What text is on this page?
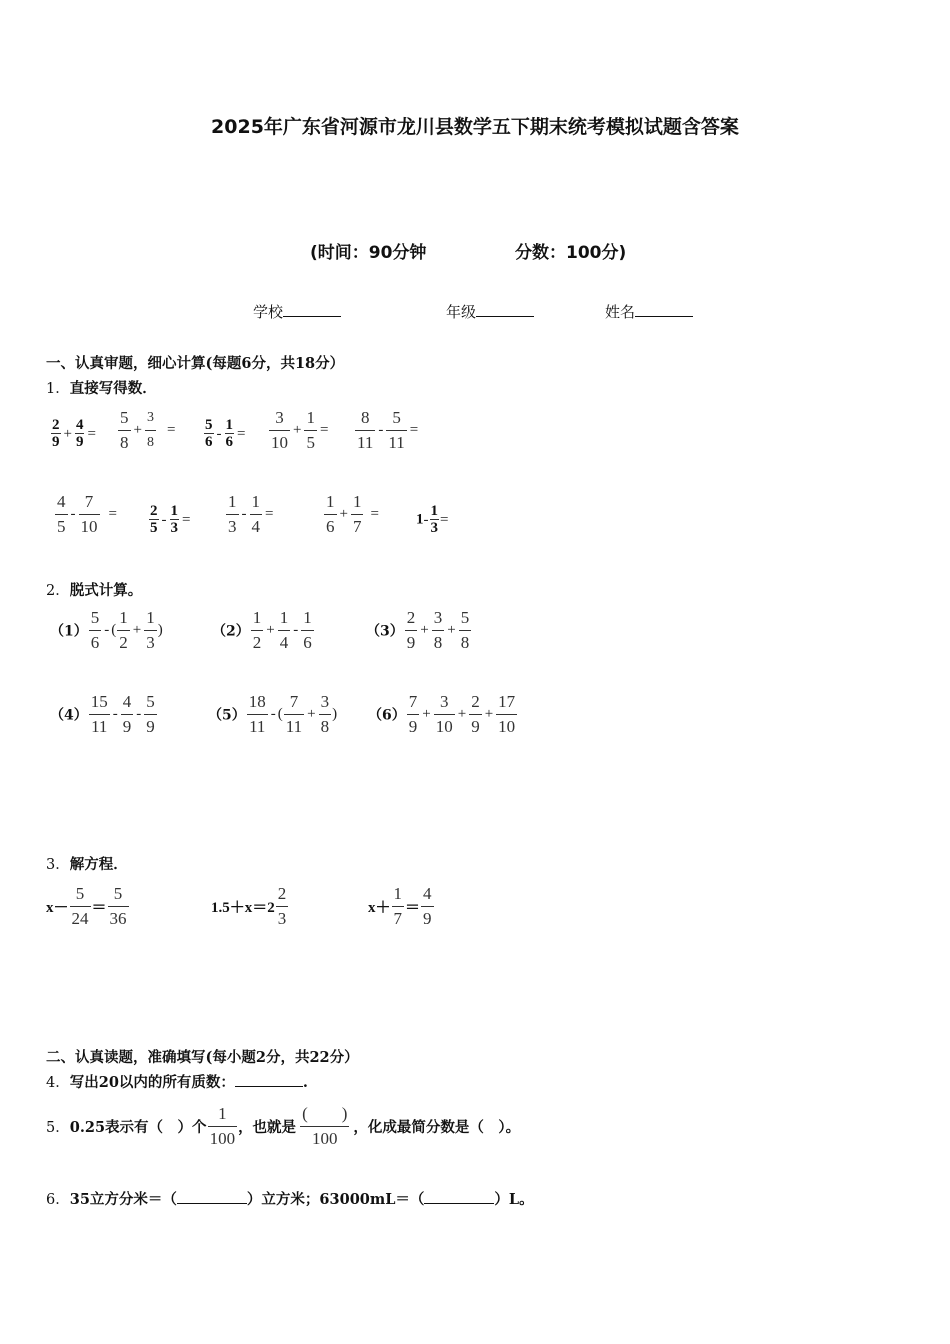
2025年广东省河源市龙川县数学五下期末统考模拟试题含答案
(时间：90分钟	分数：100分)
学校	年级	姓名
一、认真审题，细心计算(每题6分，共18分）
1．直接写得数．
$\frac{2}{9} + \frac{4}{9} = \frac{5}{8} + \frac{3}{8} = \frac{5}{6} - \frac{1}{6} = \frac{3}{10} + \frac{1}{5} = \frac{8}{11} - \frac{5}{11}$ =
$\frac{4}{5} - \frac{7}{10} = \frac{2}{5} - \frac{1}{3} = \frac{1}{3} - \frac{1}{4}$ =	$\frac{1}{6} + \frac{1}{7} = 1- \frac{1}{3}$ =
2．脱式计算。
$(1) \frac{5}{6}$ - ( $\frac{1}{2} + \frac{1}{3}$ )	$(2) \frac{1}{2} + \frac{1}{4} - \frac{1}{6}$	$(3) \frac{2}{9} + \frac{3}{8} + \frac{5}{8}$
$(4) \frac{15}{11} - \frac{4}{9} - \frac{5}{9}$	$(5) \frac{18}{11}$ - ( $\frac{7}{11} + \frac{3}{8}$ ) $(6) \frac{7}{9} + \frac{3}{10} + \frac{2}{9} + \frac{17}{10}$
3．解方程．
$x- \frac{5}{24} = \frac{5}{36}$	$1.5+x=2 \frac{2}{3}$	$x+ \frac{1}{7} = \frac{4}{9}$
二、认真读题，准确填写(每小题2分，共22分）
4．写出20以内的所有质数：	.
5．0.25表示有（　）个 $\frac{1}{100}$ ，也就是
(　　)
100
，化成最简分数是（　）。
6．35立方分米＝（	）立方米；63000mL＝（	）L。
